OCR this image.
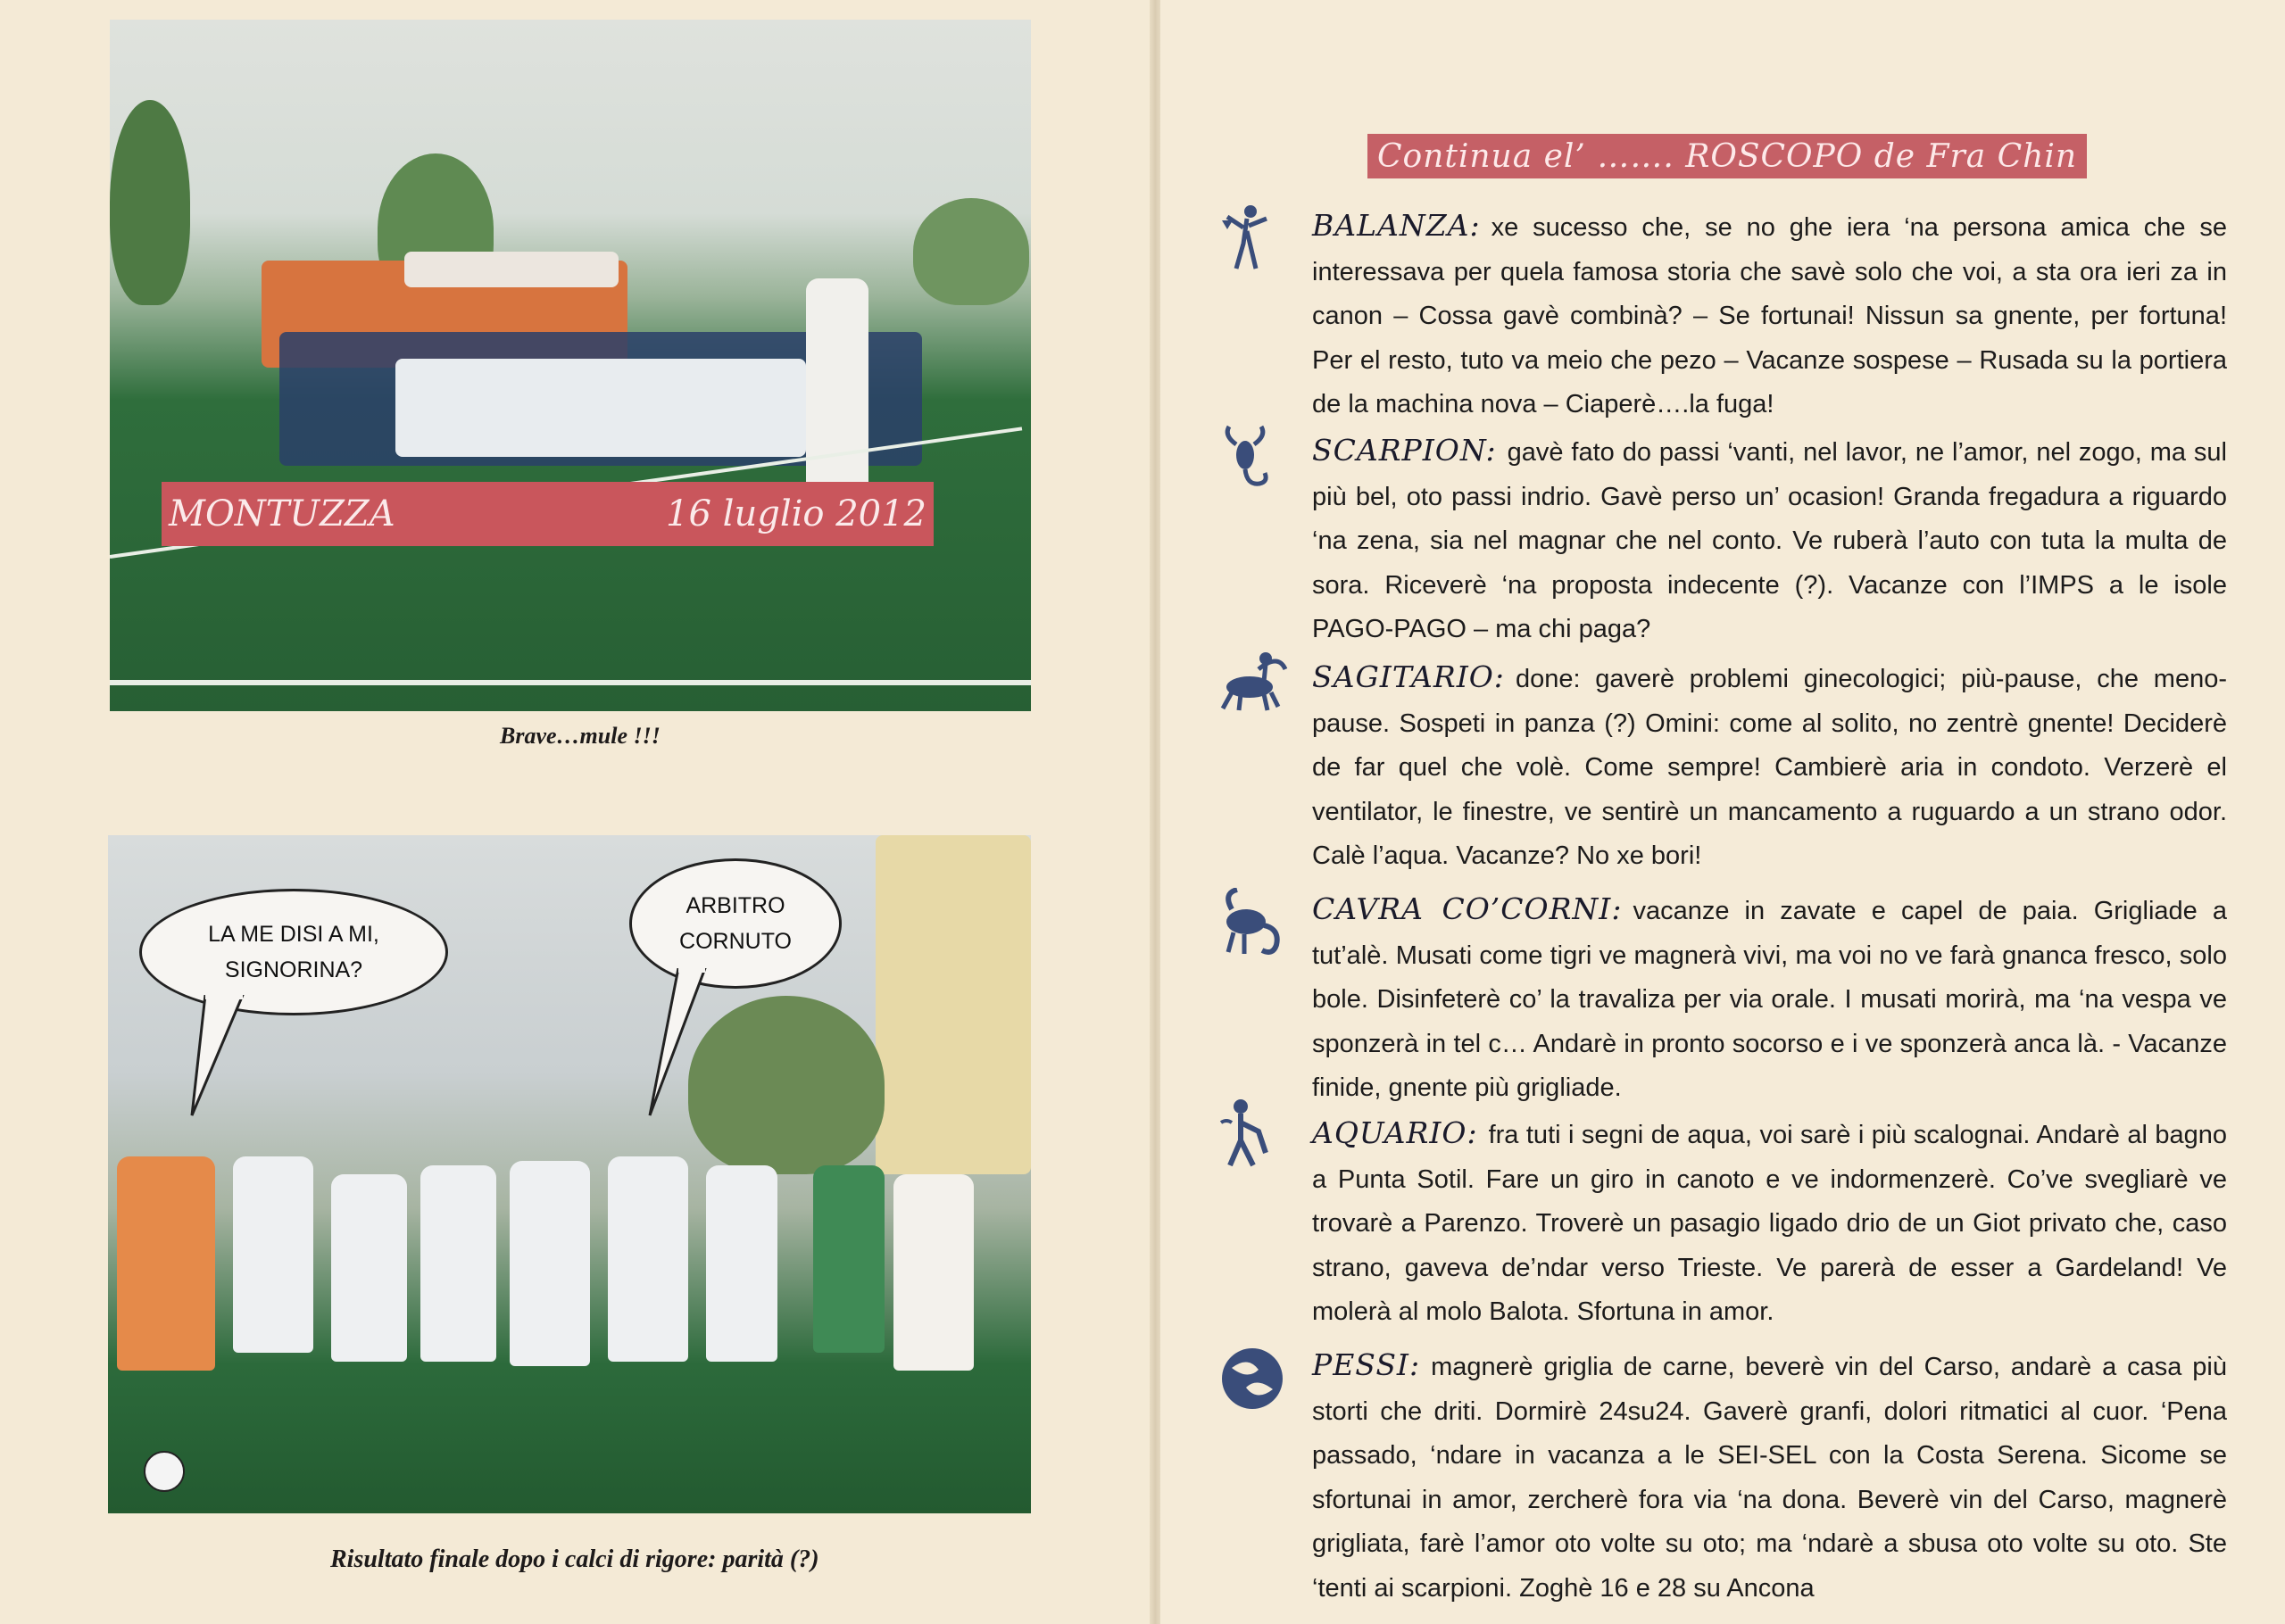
MONTUZZA	16 luglio 2012
Brave…mule !!!
LA ME DISI A MI,
SIGNORINA?
ARBITRO
CORNUTO
Risultato finale dopo i calci di rigore: parità (?)
Continua el’ ……. ROSCOPO de Fra Chin
BALANZA: xe sucesso che, se no ghe iera ‘na persona amica che se interessava per quela famosa storia che savè solo che voi, a sta ora ieri za in canon – Cossa gavè combinà? – Se fortunai! Nissun sa gnente, per fortuna! Per el resto, tuto va meio che pezo – Vacanze sospese – Rusada su la portiera de la machina nova – Ciaperè….la fuga!
SCARPION: gavè fato do passi ‘vanti, nel lavor, ne l’amor, nel zogo, ma sul più bel, oto passi indrio. Gavè perso un’ ocasion! Granda fregadura a riguardo ‘na zena, sia nel magnar che nel conto. Ve ruberà l’auto con tuta la multa de sora. Riceverè ‘na proposta indecente (?). Vacanze con l’IMPS a le isole PAGO-PAGO – ma chi paga?
SAGITARIO: done: gaverè problemi ginecologici; più-pause, che meno-pause. Sospeti in panza (?) Omini: come al solito, no zentrè gnente! Deciderè de far quel che volè. Come sempre! Cambierè aria in condoto. Verzerè el ventilator, le finestre, ve sentirè un mancamento a ruguardo a un strano odor. Calè l’aqua. Vacanze? No xe bori!
CAVRA CO’CORNI: vacanze in zavate e capel de paia. Grigliade a tut’alè. Musati come tigri ve magnerà vivi, ma voi no ve farà gnanca fresco, solo bole. Disinfeterè co’ la travaliza per via orale. I musati morirà, ma ‘na vespa ve sponzerà in tel c… Andarè in pronto socorso e i ve sponzerà anca là. - Vacanze finide, gnente più grigliade.
AQUARIO: fra tuti i segni de aqua, voi sarè i più scalognai. Andarè al bagno a Punta Sotil. Fare un giro in canoto e ve indormenzerè. Co’ve svegliarè ve trovarè a Parenzo. Troverè un pasagio ligado drio de un Giot privato che, caso strano, gaveva de’ndar verso Trieste. Ve parerà de esser a Gardeland! Ve molerà al molo Balota. Sfortuna in amor.
PESSI: magnerè griglia de carne, beverè vin del Carso, andarè a casa più storti che driti. Dormirè 24su24. Gaverè granfi, dolori ritmatici al cuor. ‘Pena passado, ‘ndare in vacanza a le SEI-SEL con la Costa Serena. Sicome se sfortunai in amor, zercherè fora via ‘na dona. Beverè vin del Carso, magnerè grigliata, farè l’amor oto volte su oto; ma ‘ndarè a sbusa oto volte su oto. Ste ‘tenti ai scarpioni. Zoghè 16 e 28 su Ancona
